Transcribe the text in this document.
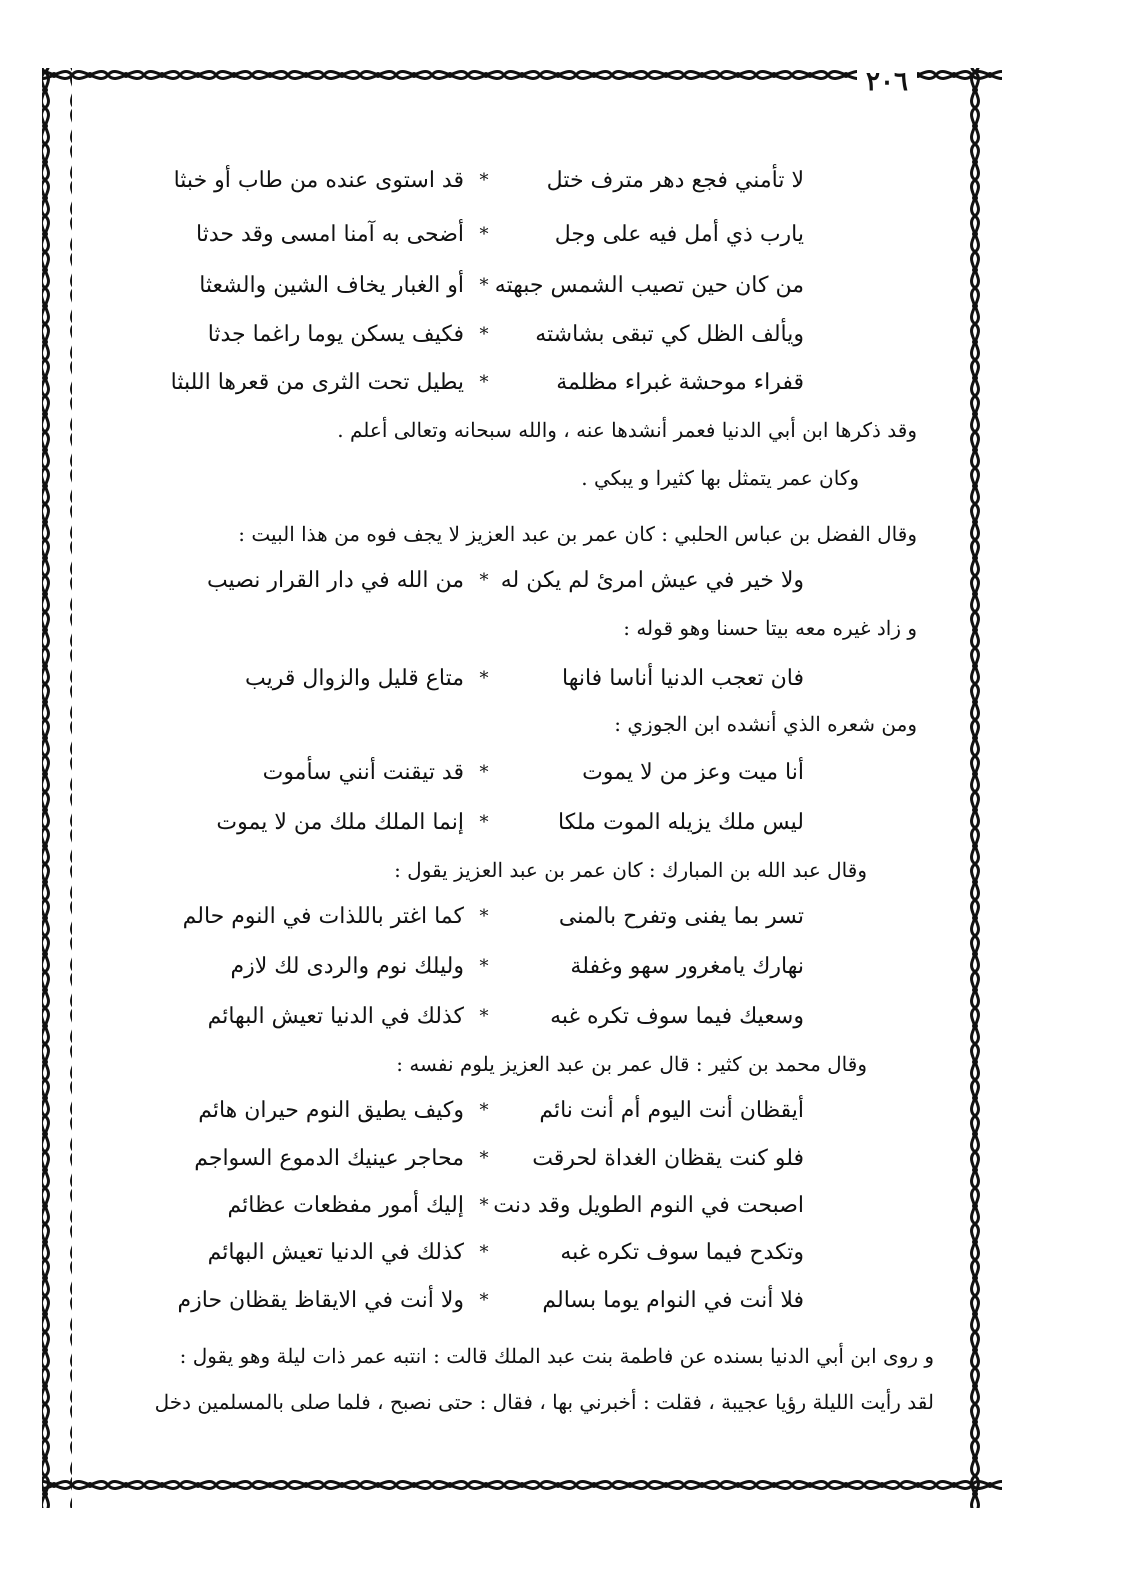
٢٠٦
لا تأمني فجع دهر مترف ختل
*
قد استوى عنده من طاب أو خبثا
يارب ذي أمل فيه على وجل
*
أضحى به آمنا امسى وقد حدثا
من كان حين تصيب الشمس جبهته
*
أو الغبار يخاف الشين والشعثا
ويألف الظل كي تبقى بشاشته
*
فكيف يسكن يوما راغما جدثا
قفراء موحشة غبراء مظلمة
*
يطيل تحت الثرى من قعرها اللبثا
وقد ذكرها ابن أبي الدنيا فعمر أنشدها عنه ، والله سبحانه وتعالى أعلم .
وكان عمر يتمثل بها كثيرا و يبكي .
وقال الفضل بن عباس الحلبي : كان عمر بن عبد العزيز لا يجف فوه من هذا البيت :
ولا خير في عيش امرئ لم يكن له
*
من الله في دار القرار نصيب
و زاد غيره معه بيتا حسنا وهو قوله :
فان تعجب الدنيا أناسا فانها
*
متاع قليل والزوال قريب
ومن شعره الذي أنشده ابن الجوزي :
أنا ميت وعز من لا يموت
*
قد تيقنت أنني سأموت
ليس ملك يزيله الموت ملكا
*
إنما الملك ملك من لا يموت
وقال عبد الله بن المبارك : كان عمر بن عبد العزيز يقول :
تسر بما يفنى وتفرح بالمنى
*
كما اغتر باللذات في النوم حالم
نهارك يامغرور سهو وغفلة
*
وليلك نوم والردى لك لازم
وسعيك فيما سوف تكره غبه
*
كذلك في الدنيا تعيش البهائم
وقال محمد بن كثير : قال عمر بن عبد العزيز يلوم نفسه :
أيقظان أنت اليوم أم أنت نائم
*
وكيف يطيق النوم حيران هائم
فلو كنت يقظان الغداة لحرقت
*
محاجر عينيك الدموع السواجم
اصبحت في النوم الطويل وقد دنت
*
إليك أمور مفظعات عظائم
وتكدح فيما سوف تكره غبه
*
كذلك في الدنيا تعيش البهائم
فلا أنت في النوام يوما بسالم
*
ولا أنت في الايقاظ يقظان حازم
و روى ابن أبي الدنيا بسنده عن فاطمة بنت عبد الملك قالت : انتبه عمر ذات ليلة وهو يقول :
لقد رأيت الليلة رؤيا عجيبة ، فقلت : أخبرني بها ، فقال : حتى نصبح ، فلما صلى بالمسلمين دخل
